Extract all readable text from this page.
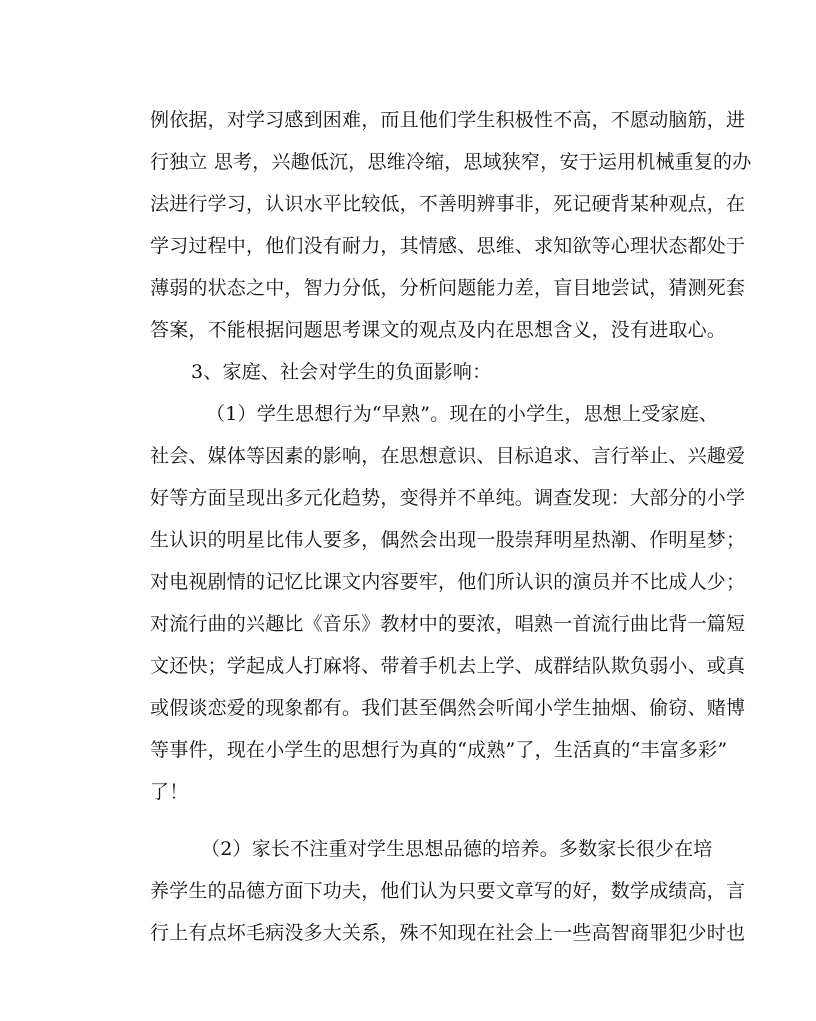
例依据，对学习感到困难，而且他们学生积极性不高，不愿动脑筋，进
行独立 思考，兴趣低沉，思维冷缩，思域狭窄，安于运用机械重复的办
法进行学习，认识水平比较低，不善明辨事非，死记硬背某种观点，在
学习过程中，他们没有耐力，其情感、思维、求知欲等心理状态都处于
薄弱的状态之中，智力分低，分析问题能力差，盲目地尝试，猜测死套
答案，不能根据问题思考课文的观点及内在思想含义，没有进取心。
3、家庭、社会对学生的负面影响：
（1）学生思想行为“早熟”。现在的小学生，思想上受家庭、
社会、媒体等因素的影响，在思想意识、目标追求、言行举止、兴趣爱
好等方面呈现出多元化趋势，变得并不单纯。调查发现：大部分的小学
生认识的明星比伟人要多，偶然会出现一股崇拜明星热潮、作明星梦；
对电视剧情的记忆比课文内容要牢，他们所认识的演员并不比成人少；
对流行曲的兴趣比《音乐》教材中的要浓，唱熟一首流行曲比背一篇短
文还快；学起成人打麻将、带着手机去上学、成群结队欺负弱小、或真
或假谈恋爱的现象都有。我们甚至偶然会听闻小学生抽烟、偷窃、赌博
等事件，现在小学生的思想行为真的“成熟”了，生活真的“丰富多彩”
了！
（2）家长不注重对学生思想品德的培养。多数家长很少在培
养学生的品德方面下功夫，他们认为只要文章写的好，数学成绩高，言
行上有点坏毛病没多大关系，殊不知现在社会上一些高智商罪犯少时也
